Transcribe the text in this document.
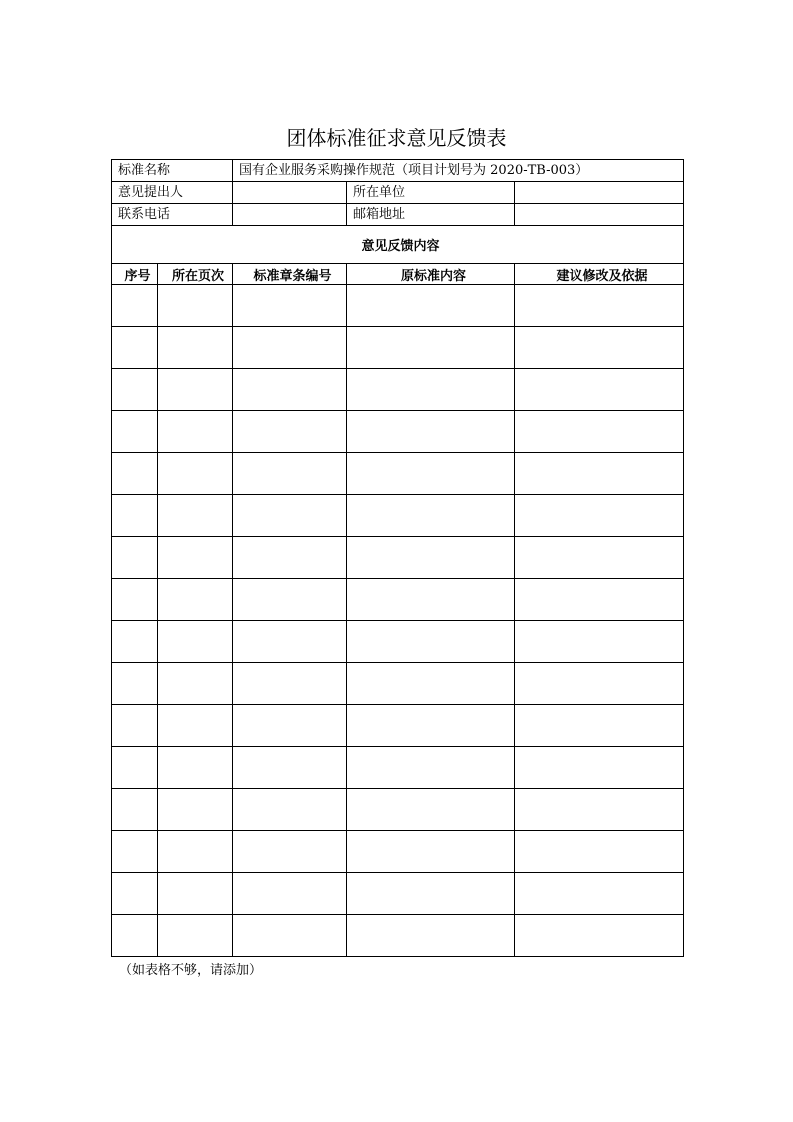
团体标准征求意见反馈表
标准名称		国有企业服务采购操作规范（项目计划号为 2020-TB-003）		
意见提出人			所在单位	
联系电话			邮箱地址	
意见反馈内容				
序号	所在页次	标准章条编号	原标准内容	建议修改及依据

（如表格不够，请添加）
